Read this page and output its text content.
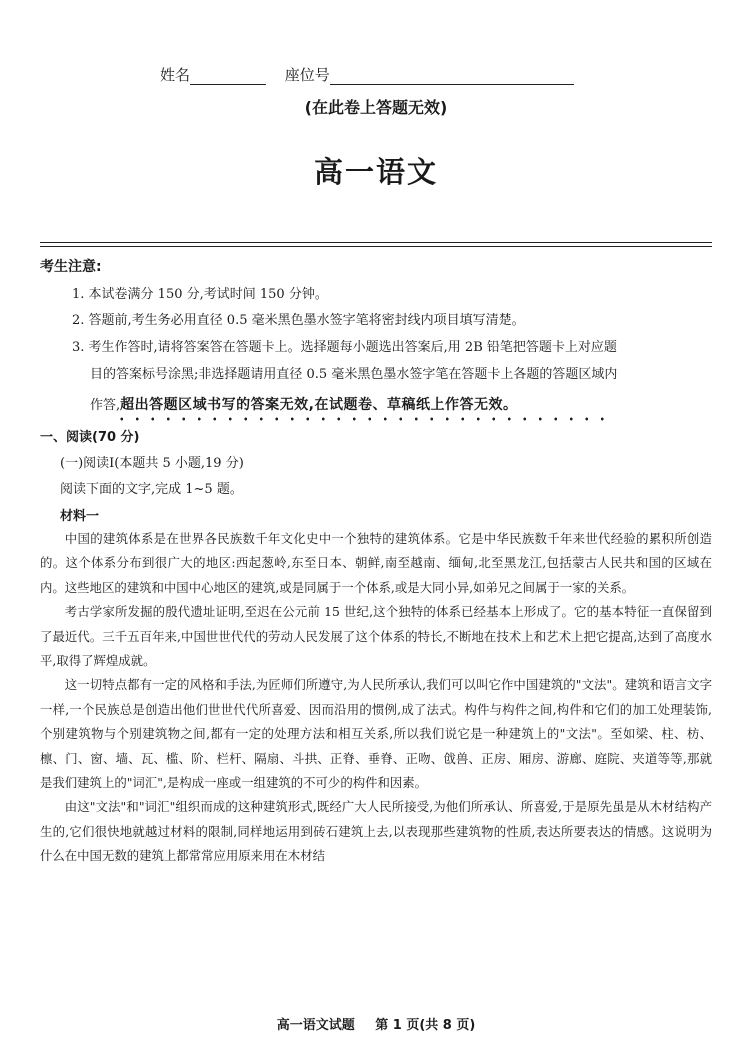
姓名	座位号
(在此卷上答题无效)
高一语文
考生注意:
1. 本试卷满分 150 分,考试时间 150 分钟。
2. 答题前,考生务必用直径 0.5 毫米黑色墨水签字笔将密封线内项目填写清楚。
3. 考生作答时,请将答案答在答题卡上。选择题每小题选出答案后,用 2B 铅笔把答题卡上对应题
目的答案标号涂黑;非选择题请用直径 0.5 毫米黑色墨水签字笔在答题卡上各题的答题区域内
作答,超出答题区域书写的答案无效,在试题卷、草稿纸上作答无效。
一、阅读(70 分)
(一)阅读Ⅰ(本题共 5 小题,19 分)
阅读下面的文字,完成 1~5 题。
材料一

中国的建筑体系是在世界各民族数千年文化史中一个独特的建筑体系。它是中华民族数千年来世代经验的累积所创造的。这个体系分布到很广大的地区:西起葱岭,东至日本、朝鲜,南至越南、缅甸,北至黑龙江,包括蒙古人民共和国的区域在内。这些地区的建筑和中国中心地区的建筑,或是同属于一个体系,或是大同小异,如弟兄之间属于一家的关系。

考古学家所发掘的殷代遗址证明,至迟在公元前 15 世纪,这个独特的体系已经基本上形成了。它的基本特征一直保留到了最近代。三千五百年来,中国世世代代的劳动人民发展了这个体系的特长,不断地在技术上和艺术上把它提高,达到了高度水平,取得了辉煌成就。

这一切特点都有一定的风格和手法,为匠师们所遵守,为人民所承认,我们可以叫它作中国建筑的"文法"。建筑和语言文字一样,一个民族总是创造出他们世世代代所喜爱、因而沿用的惯例,成了法式。构件与构件之间,构件和它们的加工处理装饰,个别建筑物与个别建筑物之间,都有一定的处理方法和相互关系,所以我们说它是一种建筑上的"文法"。至如梁、柱、枋、檩、门、窗、墙、瓦、槛、阶、栏杆、隔扇、斗拱、正脊、垂脊、正吻、戗兽、正房、厢房、游廊、庭院、夹道等等,那就是我们建筑上的"词汇",是构成一座或一组建筑的不可少的构件和因素。

由这"文法"和"词汇"组织而成的这种建筑形式,既经广大人民所接受,为他们所承认、所喜爱,于是原先虽是从木材结构产生的,它们很快地就越过材料的限制,同样地运用到砖石建筑上去,以表现那些建筑物的性质,表达所要表达的情感。这说明为什么在中国无数的建筑上都常常应用原来用在木材结

高一语文试题 第 1 页(共 8 页)
